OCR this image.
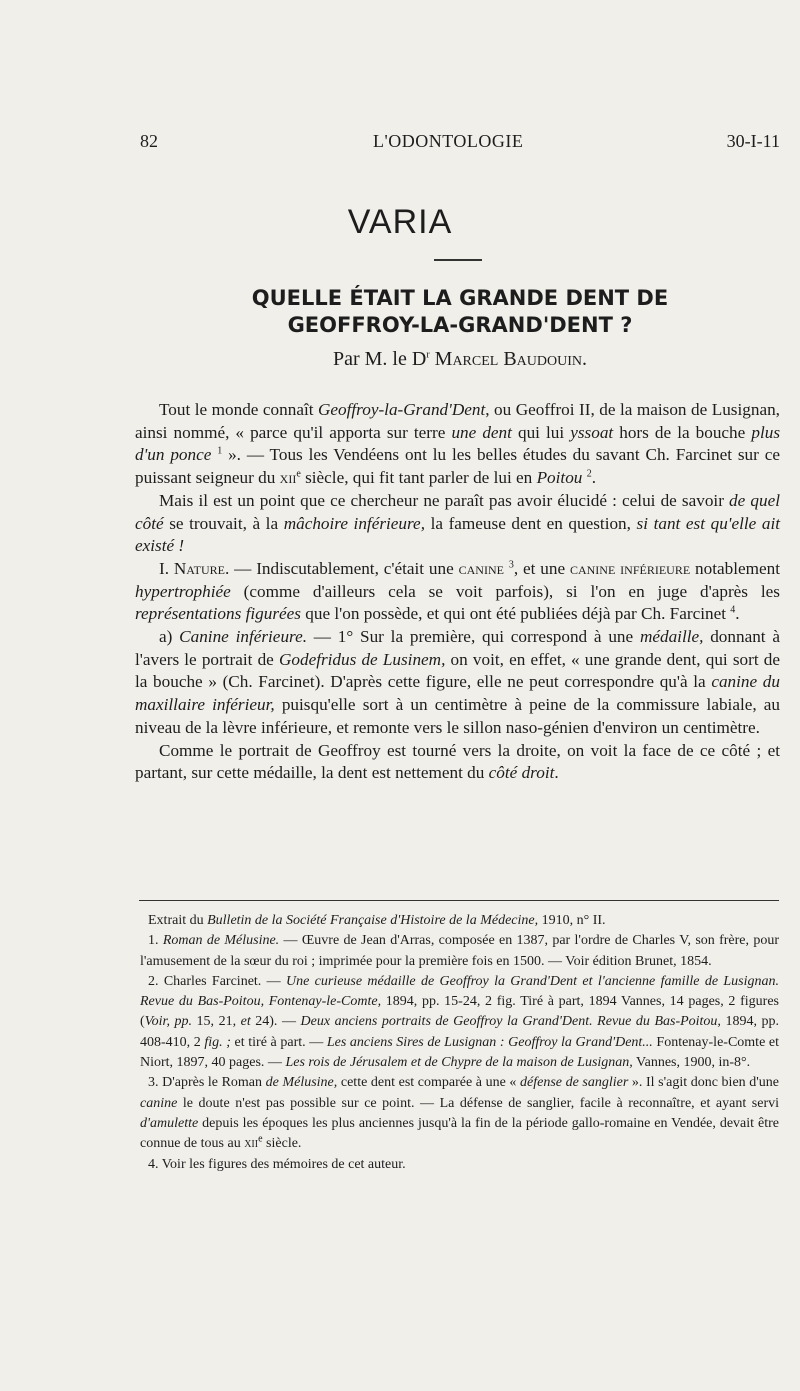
82	L'ODONTOLOGIE	30-I-11
VARIA
QUELLE ÉTAIT LA GRANDE DENT DE
GEOFFROY-LA-GRAND'DENT ?
Par M. le $D^r$ Marcel Baudouin.

Tout le monde connaît Geoffroy-la-Grand'Dent, ou Geoffroi II, de la maison de Lusignan, ainsi nommé, « parce qu'il apporta sur terre une dent qui lui yssoat hors de la bouche plus d'un ponce $^1$ ». — Tous les Vendéens ont lu les belles études du savant Ch. Farcinet sur ce puissant seigneur du xii$^e$ siècle, qui fit tant parler de lui en Poitou $^2$.

Mais il est un point que ce chercheur ne paraît pas avoir élucidé : celui de savoir de quel côté se trouvait, à la mâchoire inférieure, la fameuse dent en question, si tant est qu'elle ait existé !

I. Nature. — Indiscutablement, c'était une canine $^3$, et une canine inférieure notablement hypertrophiée (comme d'ailleurs cela se voit parfois), si l'on en juge d'après les représentations figurées que l'on possède, et qui ont été publiées déjà par Ch. Farcinet $^4$.

a) Canine inférieure. — 1° Sur la première, qui correspond à une médaille, donnant à l'avers le portrait de Godefridus de Lusinem, on voit, en effet, « une grande dent, qui sort de la bouche » (Ch. Farcinet). D'après cette figure, elle ne peut correspondre qu'à la canine du maxillaire inférieur, puisqu'elle sort à un centimètre à peine de la commissure labiale, au niveau de la lèvre inférieure, et remonte vers le sillon naso-génien d'environ un centimètre.

Comme le portrait de Geoffroy est tourné vers la droite, on voit la face de ce côté ; et partant, sur cette médaille, la dent est nettement du côté droit.

Extrait du Bulletin de la Société Française d'Histoire de la Médecine, 1910, n° II.

1. Roman de Mélusine. — Œuvre de Jean d'Arras, composée en 1387, par l'ordre de Charles V, son frère, pour l'amusement de la sœur du roi ; imprimée pour la première fois en 1500. — Voir édition Brunet, 1854.

2. Charles Farcinet. — Une curieuse médaille de Geoffroy la Grand'Dent et l'ancienne famille de Lusignan. Revue du Bas-Poitou, Fontenay-le-Comte, 1894, pp. 15-24, 2 fig. Tiré à part, 1894 Vannes, 14 pages, 2 figures (Voir, pp. 15, 21, et 24). — Deux anciens portraits de Geoffroy la Grand'Dent. Revue du Bas-Poitou, 1894, pp. 408-410, 2 fig. ; et tiré à part. — Les anciens Sires de Lusignan : Geoffroy la Grand'Dent... Fontenay-le-Comte et Niort, 1897, 40 pages. — Les rois de Jérusalem et de Chypre de la maison de Lusignan, Vannes, 1900, in-8°.

3. D'après le Roman de Mélusine, cette dent est comparée à une « défense de sanglier ». Il s'agit donc bien d'une canine le doute n'est pas possible sur ce point. — La défense de sanglier, facile à reconnaître, et ayant servi d'amulette depuis les époques les plus anciennes jusqu'à la fin de la période gallo-romaine en Vendée, devait être connue de tous au xii$^e$ siècle.

4. Voir les figures des mémoires de cet auteur.
